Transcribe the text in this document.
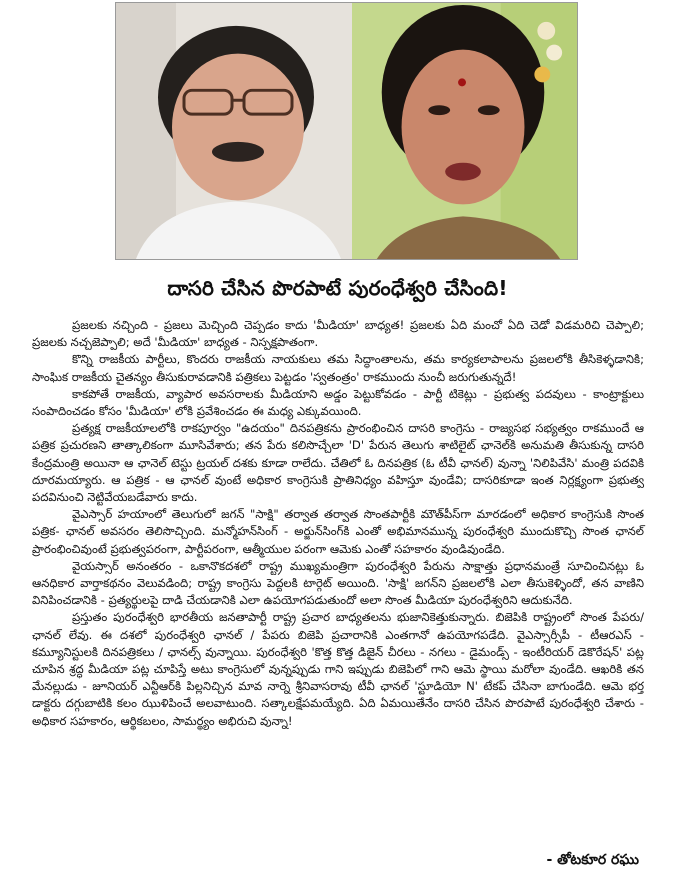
దాసరి చేసిన పొరపాటే పురంధేశ్వరి చేసింది!

ప్రజలకు నచ్చింది - ప్రజలు మెచ్చింది చెప్పడం కాదు 'మీడియా' బాధ్యత! ప్రజలకు ఏది మంచో ఏది చెడో విడమరిచి చెప్పాలి; ప్రజలకు నచ్చజెప్పాలి; అదే 'మీడియా' బాధ్యత - నిస్పక్షపాతంగా.

కొన్ని రాజకీయ పార్టీలు, కొందరు రాజకీయ నాయకులు తమ సిద్ధాంతాలను, తమ కార్యకలాపాలను ప్రజలలోకి తీసికెళ్ళడానికి; సాంఘిక రాజకీయ చైతన్యం తీసుకురావడానికి పత్రికలు పెట్టడం 'స్వతంత్రం' రాకముందు నుంచీ జరుగుతున్నదే!

కాకపోతే రాజకీయ, వ్యాపార అవసరాలకు మీడియాని అడ్డం పెట్టుకోవడం - పార్టీ టికెట్లు - ప్రభుత్వ పదవులు - కాంట్రాక్టులు సంపాదించడం కోసం 'మీడియా' లోకి ప్రవేశించడం ఈ మధ్య ఎక్కువయింది.

ప్రత్యక్ష రాజకీయాలలోకి రాకపూర్వం "ఉదయం" దినపత్రికను ప్రారంభించిన దాసరి కాంగ్రెసు - రాజ్యసభ సభ్యత్వం రాకముందే ఆ పత్రిక ప్రచురణని తాత్కాలికంగా మూసివేశారు; తన పేరు కలిసొచ్చేలా 'D' పేరున తెలుగు శాటిలైట్ ఛానెల్‌కి అనుమతి తీసుకున్న దాసరి కేంద్రమంత్రి అయినా ఆ ఛానెల్ టెస్టు ట్రయల్ దశకు కూడా రాలేదు. చేతిలో ఓ దినపత్రిక (ఓ టీవీ ఛానల్) వున్నా 'నిలిపివేసి' మంత్రి పదవికి దూరమయ్యారు. ఆ పత్రిక - ఆ ఛానల్ వుంటే అధికార కాంగ్రెసుకి ప్రాతినిధ్యం వహిస్తూ వుండేవి; దాసరికూడా ఇంత నిర్లక్ష్యంగా ప్రభుత్వ పదవినుంచి నెట్టివేయబడేవారు కాదు.

వైఎస్సార్ హయాంలో తెలుగులో జగన్ "సాక్షి" తర్వాత తర్వాత సొంతపార్టీకి మౌత్‌పీస్‌గా మారడంలో అధికార కాంగ్రెసుకి సొంత పత్రిక- ఛానల్ అవసరం తెలిసొచ్చింది. మన్మోహన్‌సింగ్ - అర్జున్‌సింగ్‌కి ఎంతో అభిమానమున్న పురంధేశ్వరి ముందుకొచ్చి సొంత ఛానల్ ప్రారంభించివుంటే ప్రభుత్వపరంగా, పార్టీపరంగా, ఆత్మీయుల పరంగా ఆమెకు ఎంతో సహకారం వుండివుండేది.

వైయస్సార్ అనంతరం - ఒకానొకదశలో రాష్ట్ర ముఖ్యమంత్రిగా పురంధేశ్వరి పేరును సాక్షాత్తు ప్రధానమంత్రే సూచించినట్లు ఓ ఆనధికార వార్తాకథనం వెలువడింది; రాష్ట్ర కాంగ్రెసు పెద్దలకి టార్గెట్ అయింది. 'సాక్షి' జగన్‌ని ప్రజలలోకి ఎలా తీసుకెళ్ళిందో, తన వాణిని వినిపించడానికి - ప్రత్యర్థులపై దాడి చేయడానికి ఎలా ఉపయోగపడుతుందో అలా సొంత మీడియా పురంధేశ్వరిని ఆదుకునేది.

ప్రస్తుతం పురంధేశ్వరి భారతీయ జనతాపార్టీ రాష్ట్ర ప్రచార బాధ్యతలను భుజానికెత్తుకున్నారు. బిజెపికి రాష్ట్రంలో సొంత పేపరు/ ఛానల్ లేవు. ఈ దశలో పురంధేశ్వరి ఛానల్ / పేపరు బిజెపి ప్రచారానికి ఎంతగానో ఉపయోగపడేది. వైఎస్సార్సీపీ - టీఆరఎస్ - కమ్యూనిస్టులకి దినపత్రికలు / ఛానల్స్ వున్నాయి. పురంధేశ్వరి 'కొత్త కొత్త డిజైన్ చీరలు - నగలు - డైమండ్స్ - ఇంటీరియర్ డెకొరేషన్' పట్ల చూపిన శ్రద్ధ మీడియా పట్ల చూపిస్తే అటు కాంగ్రెసులో వున్నప్పుడు గాని ఇప్పుడు బిజెపిలో గాని ఆమె స్థాయి మరోలా వుండేది. ఆఖరికి తన మేనల్లుడు - జూనియర్ ఎన్టీఆర్‌కి పిల్లనిచ్చిన మావ నార్నె శ్రీనివాసరావు టీవీ ఛానల్ 'స్టూడియో N' టేకప్ చేసినా బాగుండేది. ఆమె భర్త డాక్టరు దగ్గుబాటికి కలం ఝుళిపించే అలవాటుంది. సత్కాలక్షేపమయ్యేది. ఏది ఏమయితేనేం దాసరి చేసిన పొరపాటే పురంధేశ్వరి చేశారు - అధికార సహకారం, ఆర్థికబలం, సామర్థ్యం అభిరుచి వున్నా!

- తోటకూర రఘు
